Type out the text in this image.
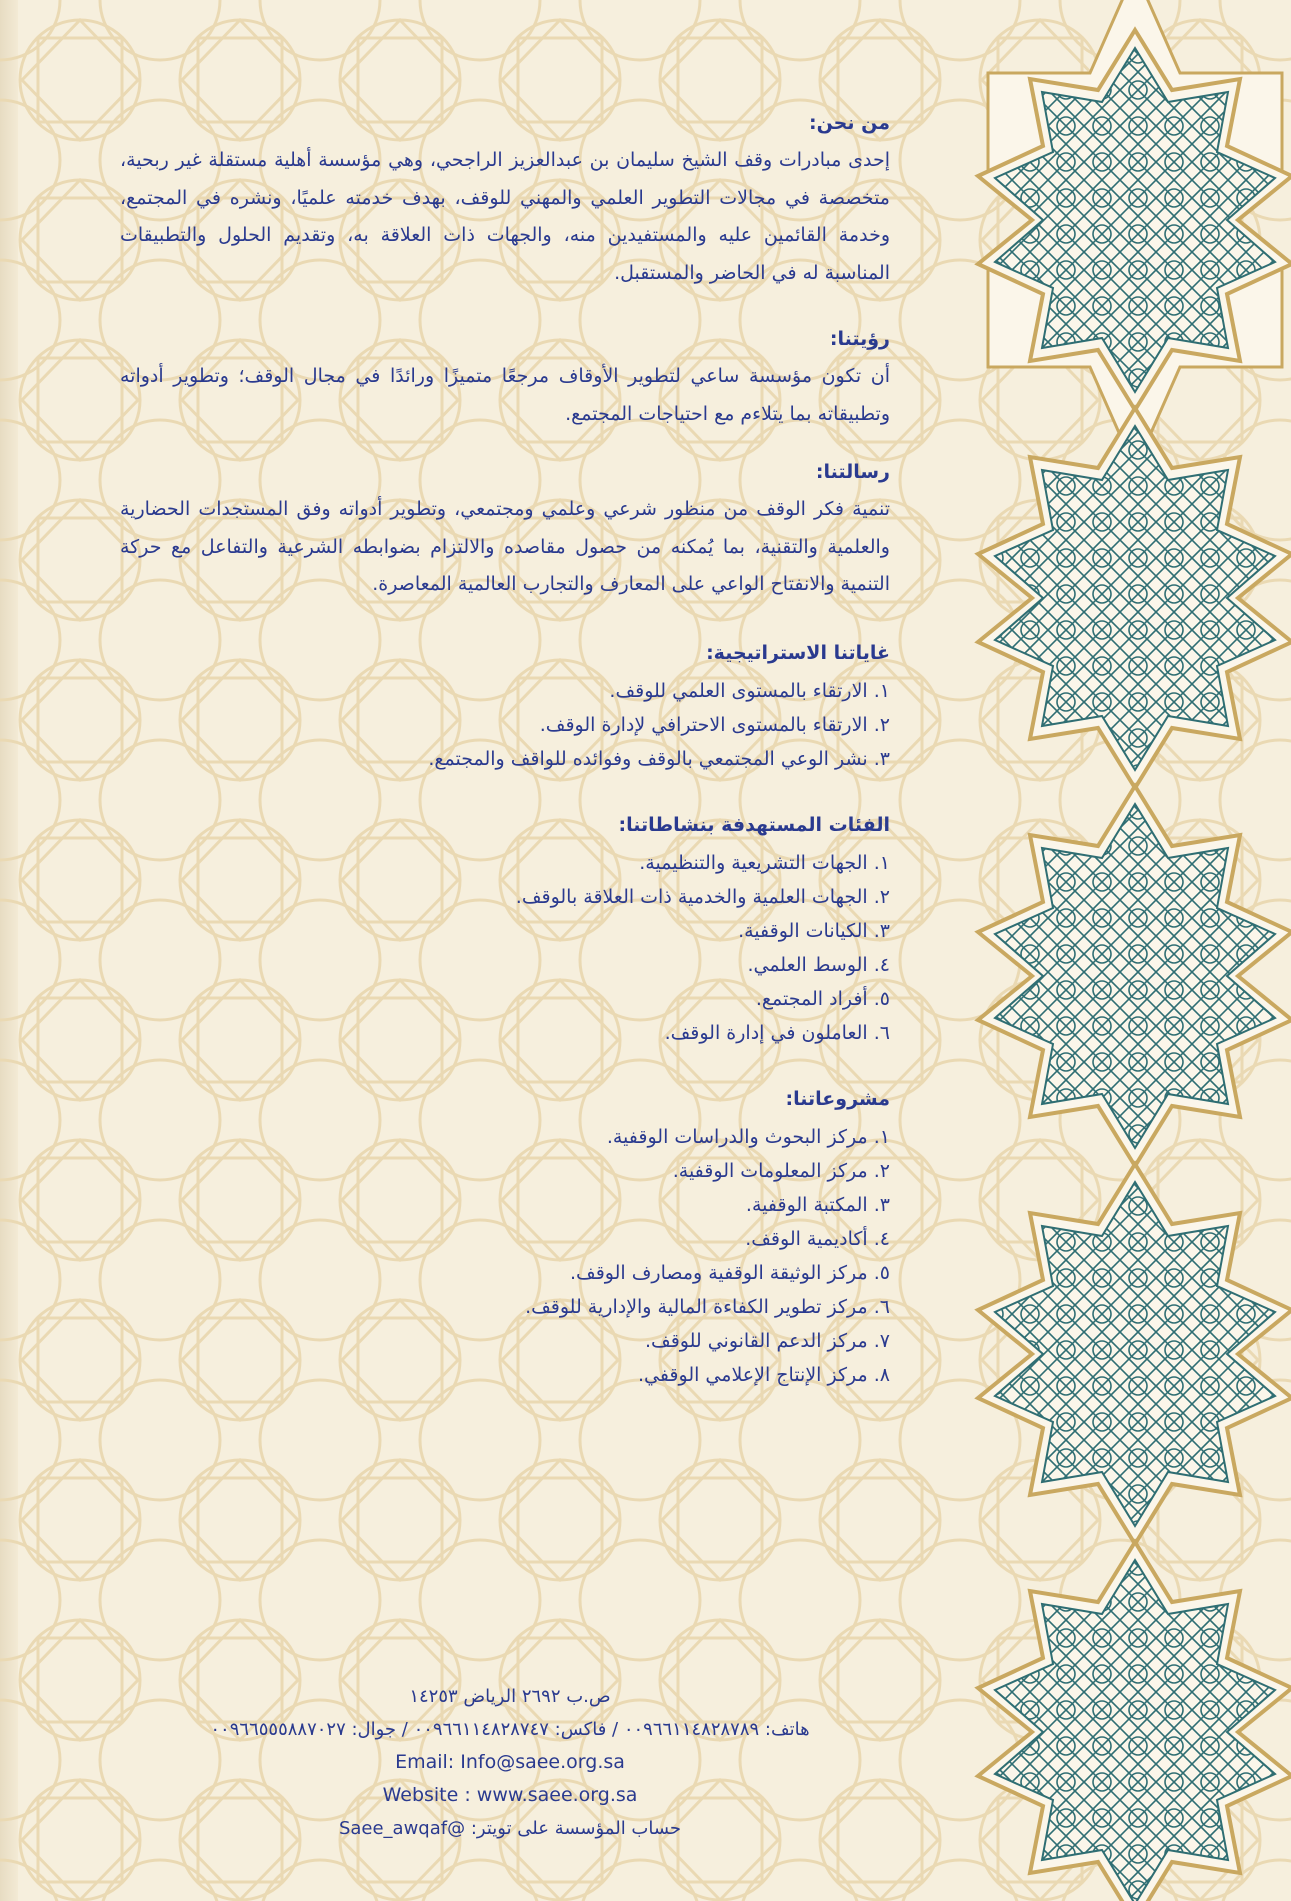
من نحن:

إحدى مبادرات وقف الشيخ سليمان بن عبدالعزيز الراجحي، وهي مؤسسة أهلية مستقلة غير ربحية، متخصصة في مجالات التطوير العلمي والمهني للوقف، بهدف خدمته علميًا، ونشره في المجتمع، وخدمة القائمين عليه والمستفيدين منه، والجهات ذات العلاقة به، وتقديم الحلول والتطبيقات المناسبة له في الحاضر والمستقبل.

رؤيتنا:

أن تكون مؤسسة ساعي لتطوير الأوقاف مرجعًا متميزًا ورائدًا في مجال الوقف؛ وتطوير أدواته وتطبيقاته بما يتلاءم مع احتياجات المجتمع.

رسالتنا:

تنمية فكر الوقف من منظور شرعي وعلمي ومجتمعي، وتطوير أدواته وفق المستجدات الحضارية والعلمية والتقنية، بما يُمكنه من حصول مقاصده والالتزام بضوابطه الشرعية والتفاعل مع حركة التنمية والانفتاح الواعي على المعارف والتجارب العالمية المعاصرة.

غاياتنا الاستراتيجية:
١. الارتقاء بالمستوى العلمي للوقف.
٢. الارتقاء بالمستوى الاحترافي لإدارة الوقف.
٣. نشر الوعي المجتمعي بالوقف وفوائده للواقف والمجتمع.
الفئات المستهدفة بنشاطاتنا:
١. الجهات التشريعية والتنظيمية.
٢. الجهات العلمية والخدمية ذات العلاقة بالوقف.
٣. الكيانات الوقفية.
٤. الوسط العلمي.
٥. أفراد المجتمع.
٦. العاملون في إدارة الوقف.
مشروعاتنا:
١. مركز البحوث والدراسات الوقفية.
٢. مركز المعلومات الوقفية.
٣. المكتبة الوقفية.
٤. أكاديمية الوقف.
٥. مركز الوثيقة الوقفية ومصارف الوقف.
٦. مركز تطوير الكفاءة المالية والإدارية للوقف.
٧. مركز الدعم القانوني للوقف.
٨. مركز الإنتاج الإعلامي الوقفي.
ص.ب ٢٦٩٢ الرياض ١٤٢٥٣
هاتف: ٠٠٩٦٦١١٤٨٢٨٧٨٩ / فاكس: ٠٠٩٦٦١١٤٨٢٨٧٤٧ / جوال: ٠٠٩٦٦٥٥٥٨٨٧٠٢٧
Email: Info@saee.org.sa
Website : www.saee.org.sa
حساب المؤسسة على تويتر: @Saee_awqaf
